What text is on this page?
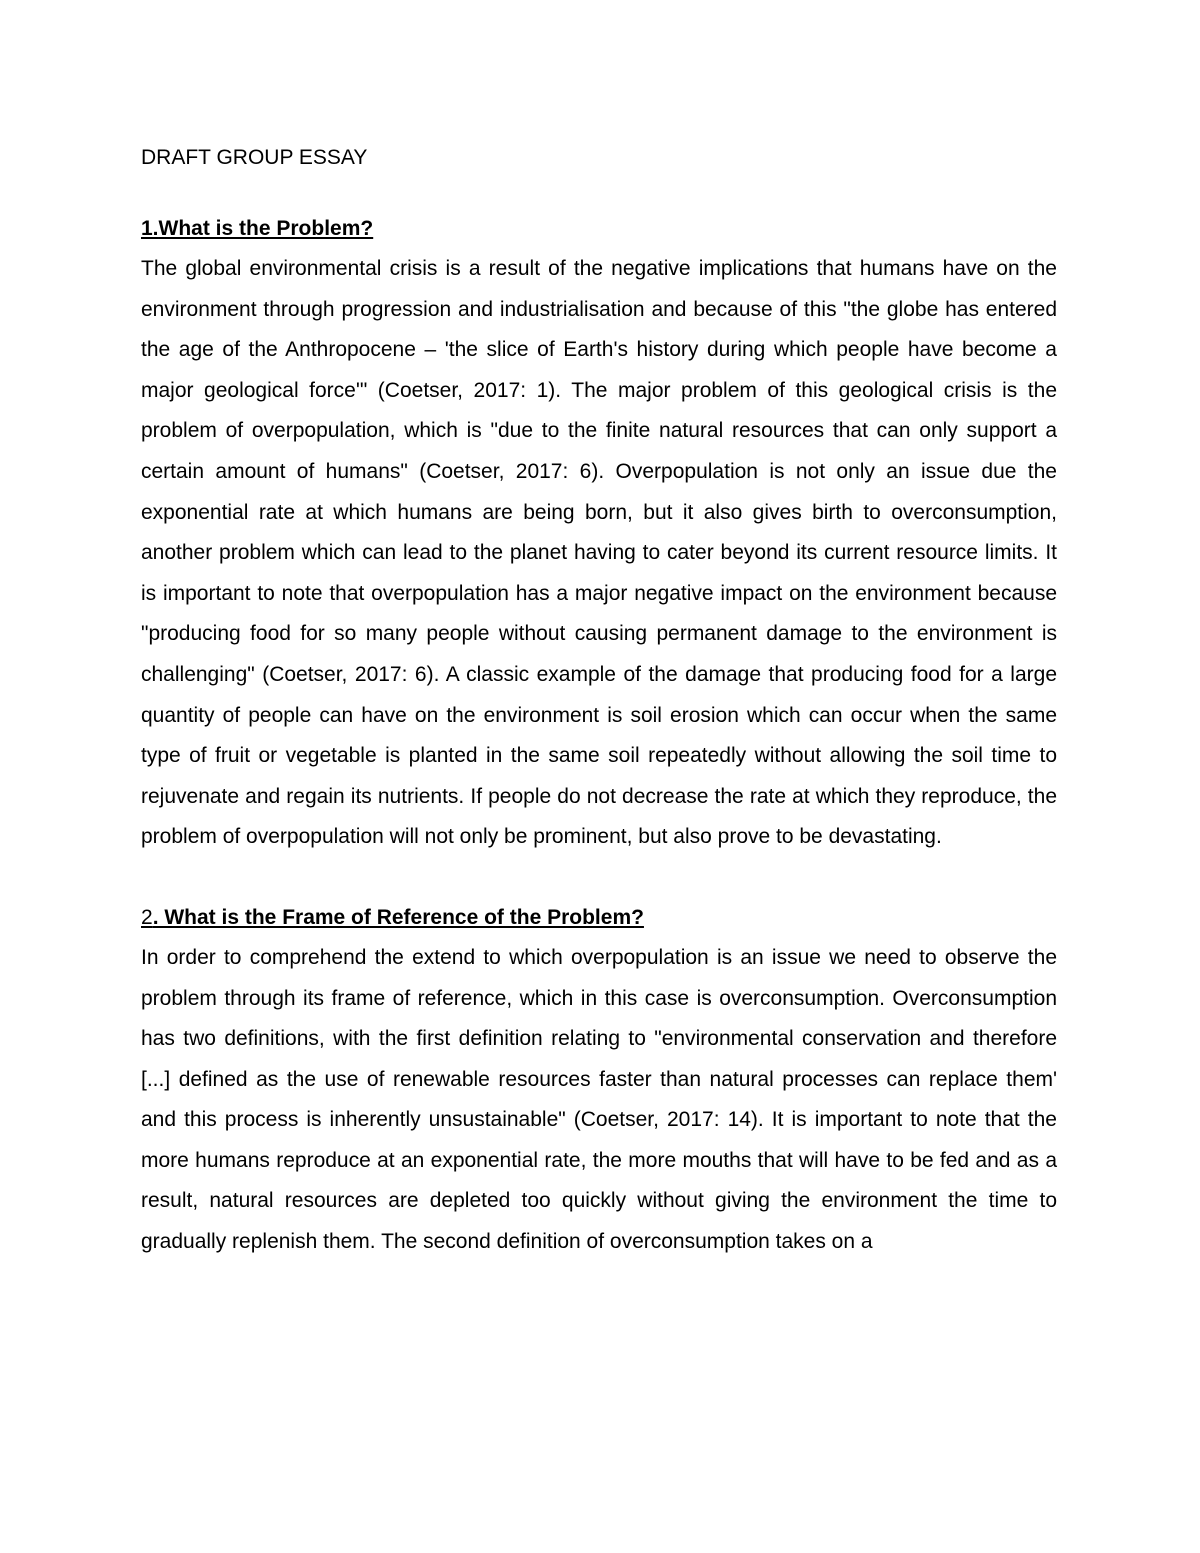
DRAFT GROUP ESSAY
1.What is the Problem?

The global environmental crisis is a result of the negative implications that humans have on the environment through progression and industrialisation and because of this "the globe has entered the age of the Anthropocene – 'the slice of Earth's history during which people have become a major geological force'" (Coetser, 2017: 1). The major problem of this geological crisis is the problem of overpopulation, which is "due to the finite natural resources that can only support a certain amount of humans" (Coetser, 2017: 6). Overpopulation is not only an issue due the exponential rate at which humans are being born, but it also gives birth to overconsumption, another problem which can lead to the planet having to cater beyond its current resource limits. It is important to note that overpopulation has a major negative impact on the environment because "producing food for so many people without causing permanent damage to the environment is challenging" (Coetser, 2017: 6). A classic example of the damage that producing food for a large quantity of people can have on the environment is soil erosion which can occur when the same type of fruit or vegetable is planted in the same soil repeatedly without allowing the soil time to rejuvenate and regain its nutrients. If people do not decrease the rate at which they reproduce, the problem of overpopulation will not only be prominent, but also prove to be devastating.

2. What is the Frame of Reference of the Problem?

In order to comprehend the extend to which overpopulation is an issue we need to observe the problem through its frame of reference, which in this case is overconsumption. Overconsumption has two definitions, with the first definition relating to "environmental conservation and therefore [...] defined as the use of renewable resources faster than natural processes can replace them' and this process is inherently unsustainable" (Coetser, 2017: 14). It is important to note that the more humans reproduce at an exponential rate, the more mouths that will have to be fed and as a result, natural resources are depleted too quickly without giving the environment the time to gradually replenish them. The second definition of overconsumption takes on a
